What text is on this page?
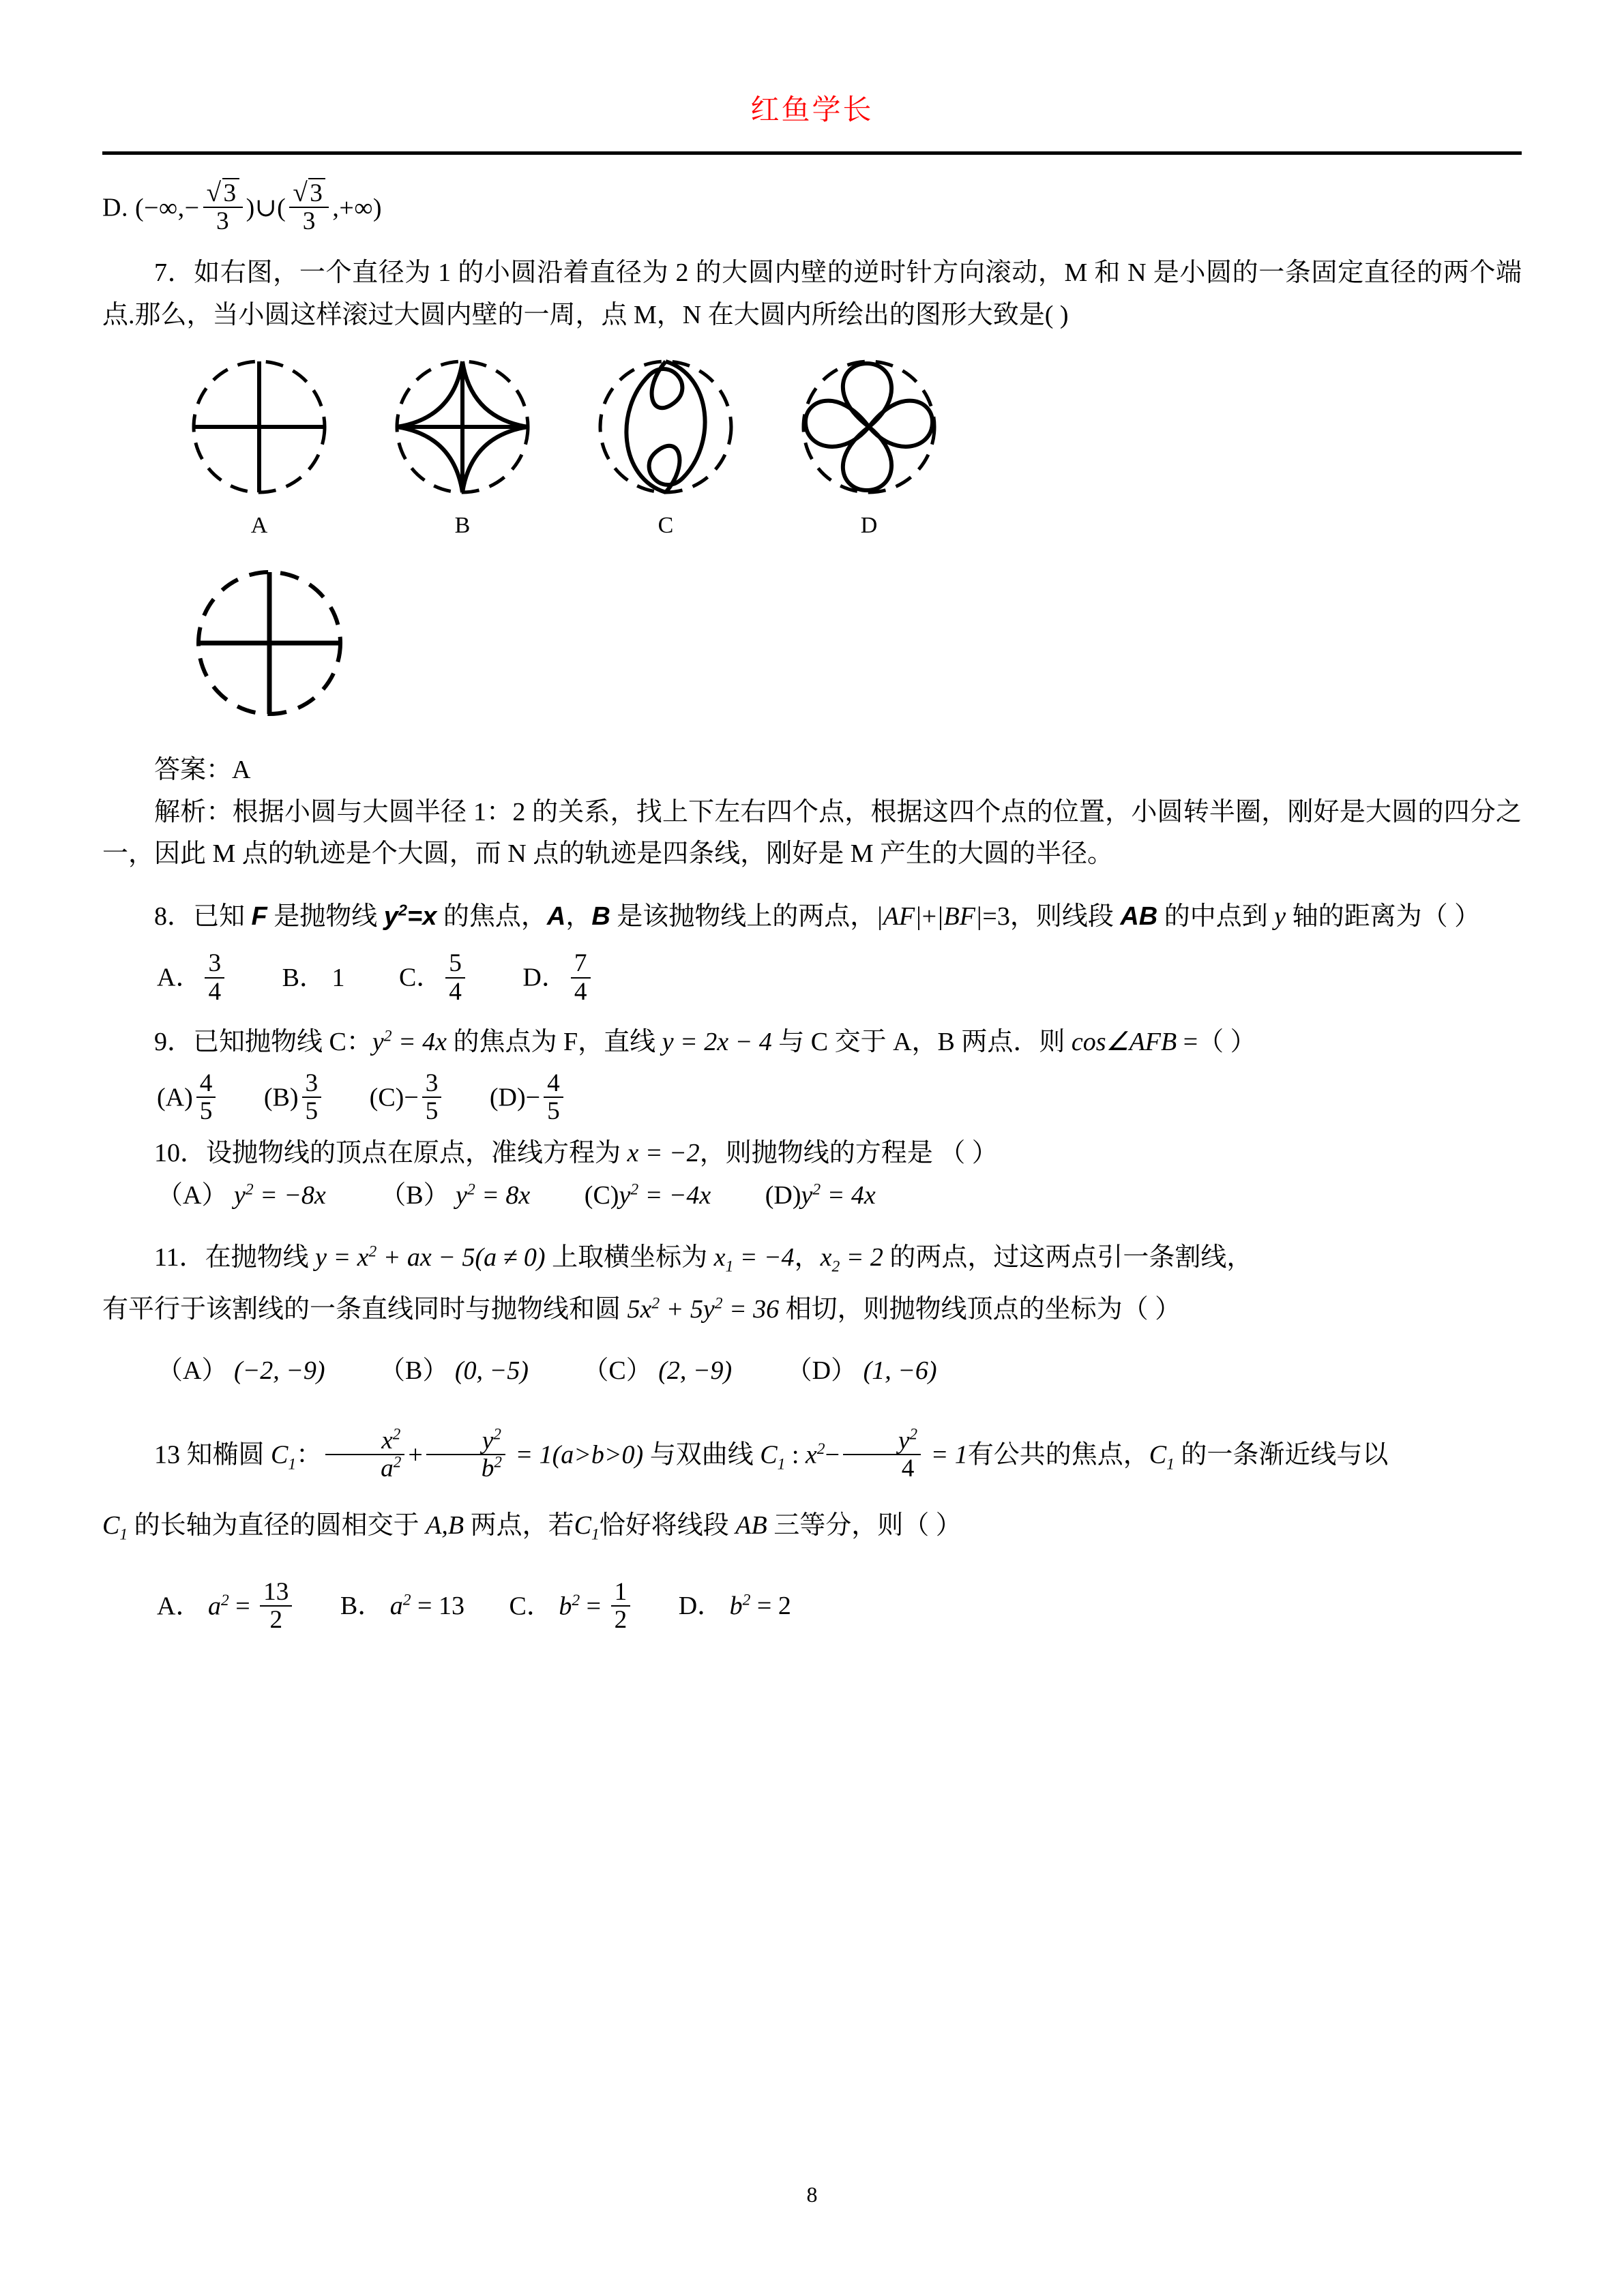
红鱼学长
D. (−∞,− $\frac{√3}{3}$ )∪( $\frac{√3}{3}$ ,+∞)

7．如右图，一个直径为 1 的小圆沿着直径为 2 的大圆内壁的逆时针方向滚动，M 和 N 是小圆的一条固定直径的两个端点.那么，当小圆这样滚过大圆内壁的一周，点 M，N 在大圆内所绘出的图形大致是( )

A	B	C	D

答案：A

解析：根据小圆与大圆半径 1：2 的关系，找上下左右四个点，根据这四个点的位置，小圆转半圈，刚好是大圆的四分之一，因此 M 点的轨迹是个大圆，而 N 点的轨迹是四条线，刚好是 M 产生的大圆的半径。

8．已知 F 是抛物线 $y^2=x$ 的焦点，A，B 是该抛物线上的两点，|AF|+|BF|=3，则线段 AB 的中点到 y 轴的距离为（ ）

A． $\frac{3}{4}$ B． 1 C． $\frac{5}{4}$ D． $\frac{7}{4}$

9．已知抛物线 C：$y^2 = 4x$ 的焦点为 F，直线 y = 2x − 4 与 C 交于 A，B 两点．则 cos∠AFB =（ ）

$(A) \frac{4}{5} (B) \frac{3}{5} (C)- \frac{3}{5} (D)- \frac{4}{5}$

10．设抛物线的顶点在原点，准线方程为 x = −2，则抛物线的方程是 （ ）

（A） $y^2 = -8x$ （B） $y^2 = 8x$ $(C)y^2 = -4x$ $(D)y^2 = 4x$

11．在抛物线 $y = x^2$ + ax − 5(a ≠ 0) 上取横坐标为 $x_1 = -4$，$x_2 = 2$ 的两点，过这两点引一条割线，

有平行于该割线的一条直线同时与抛物线和圆 $5x^2 + 5y^2 = 36$ 相切，则抛物线顶点的坐标为（ ）

（A） (−2, −9) （B） (0, −5) （C） (2, −9) （D） (1, −6)

13 知椭圆 $C_1$： $\frac{x^2}{a^2} + \frac{y^2}{b^2} = 1(a>b>0)$ 与双曲线 $C_1$ : $x^2- \frac{y^2}{4} = 1$有公共的焦点，$C_1$ 的一条渐近线与以

$C_1$ 的长轴为直径的圆相交于 A,B 两点，若$C_1$恰好将线段 AB 三等分，则（ ）

A． $a^2 = \frac{13}{2}$ B． $a^2 = 13$ C． $b^2 = \frac{1}{2}$ D． $b^2 = 2$
8
